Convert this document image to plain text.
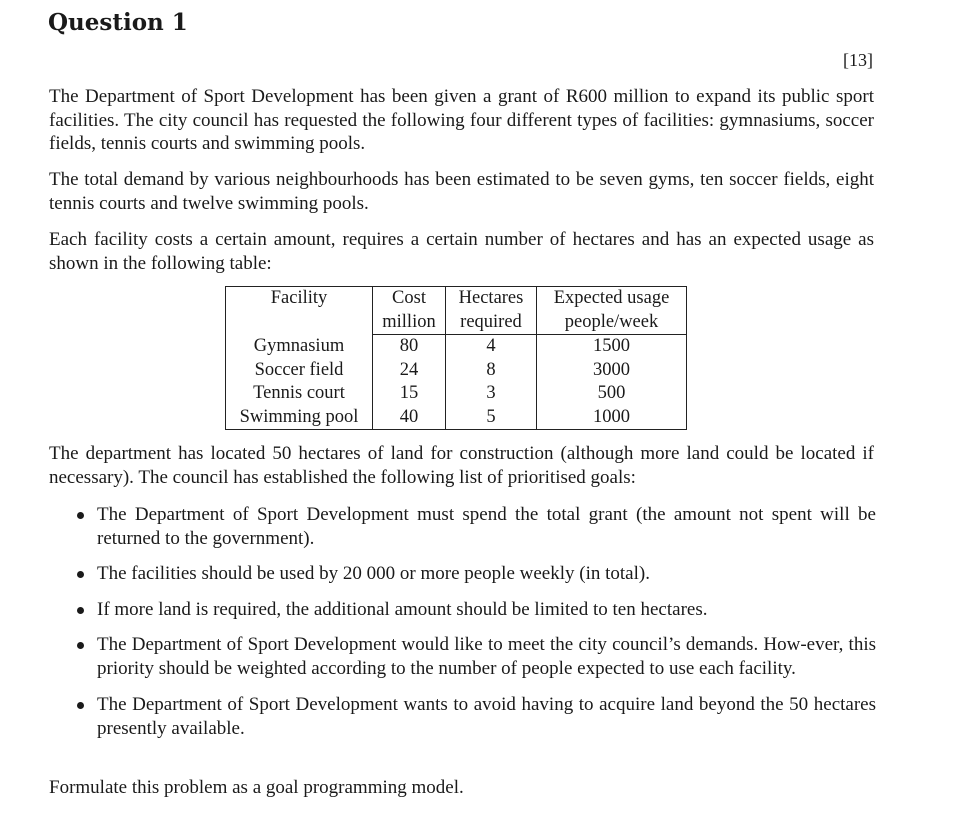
Question 1
[13]

The Department of Sport Development has been given a grant of R600 million to expand its public sport facilities. The city council has requested the following four different types of facilities: gymnasiums, soccer fields, tennis courts and swimming pools.

The total demand by various neighbourhoods has been estimated to be seven gyms, ten soccer fields, eight tennis courts and twelve swimming pools.

Each facility costs a certain amount, requires a certain number of hectares and has an expected usage as shown in the following table:

Facility	Cost	Hectares	Expected usage
	million	required	people/week
Gymnasium	80	4	1500
Soccer field	24	8	3000
Tennis court	15	3	500
Swimming pool	40	5	1000

The department has located 50 hectares of land for construction (although more land could be located if necessary). The council has established the following list of prioritised goals:

The Department of Sport Development must spend the total grant (the amount not spent will be returned to the government).
The facilities should be used by 20 000 or more people weekly (in total).
If more land is required, the additional amount should be limited to ten hectares.
The Department of Sport Development would like to meet the city council’s demands. How-ever, this priority should be weighted according to the number of people expected to use each facility.
The Department of Sport Development wants to avoid having to acquire land beyond the 50 hectares presently available.

Formulate this problem as a goal programming model.
